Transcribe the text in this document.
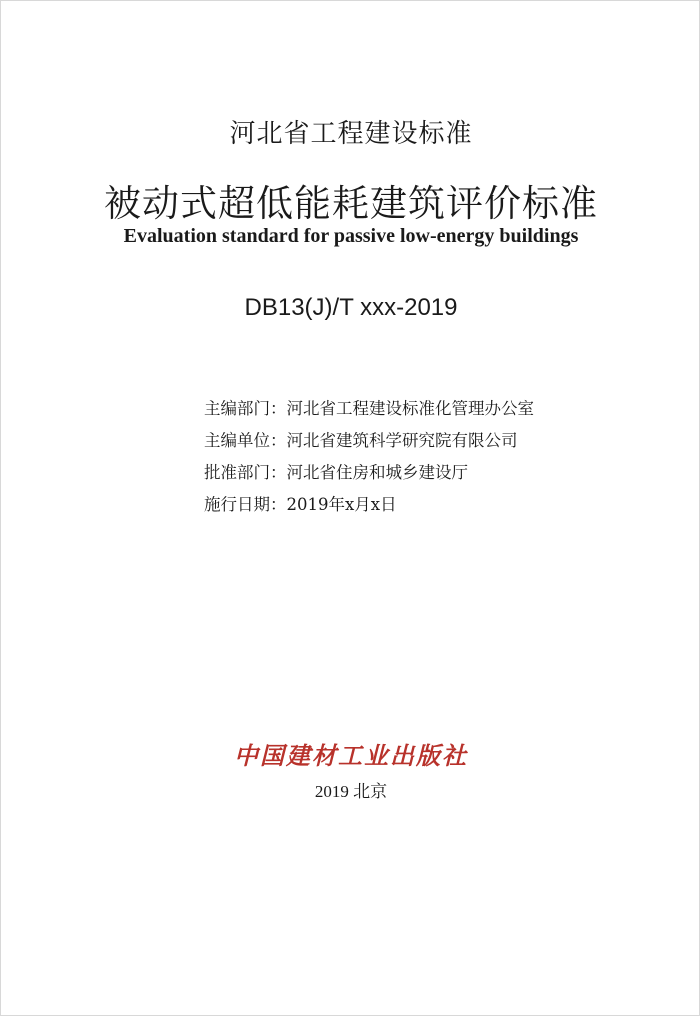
河北省工程建设标准
被动式超低能耗建筑评价标准
Evaluation standard for passive low-energy buildings
DB13(J)/T xxx-2019
主编部门：河北省工程建设标准化管理办公室
主编单位：河北省建筑科学研究院有限公司
批准部门：河北省住房和城乡建设厅
施行日期：2019年x月x日
中国建材工业出版社
2019 北京
